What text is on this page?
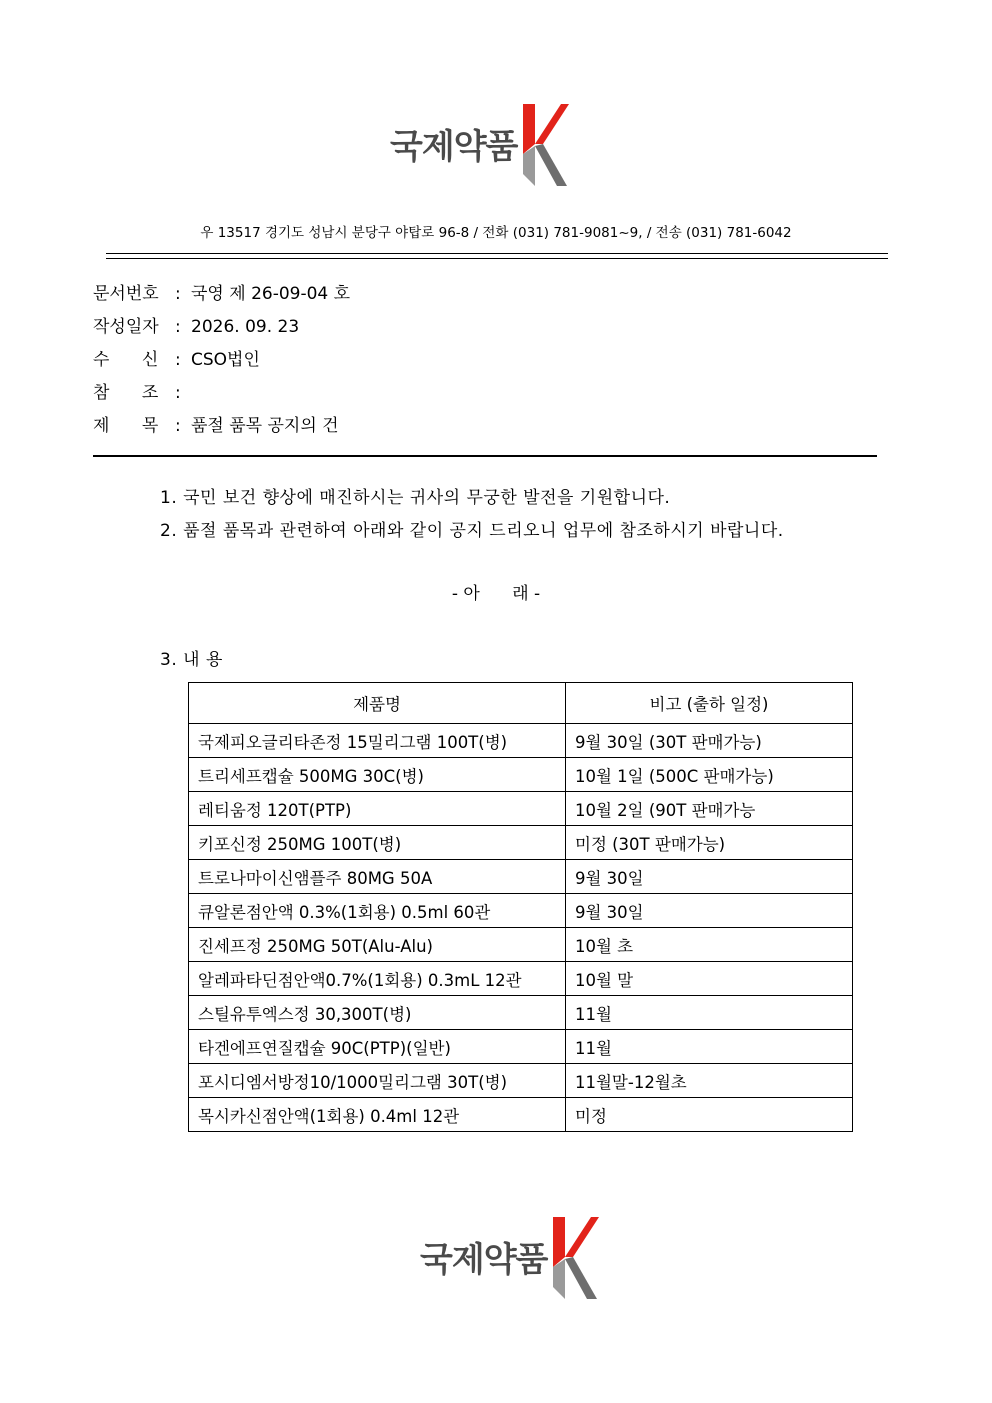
국제약품
우 13517 경기도 성남시 분당구 야탑로 96-8 / 전화 (031) 781-9081~9, / 전송 (031) 781-6042
문서번호 : 국영 제 26-09-04 호
작성일자 : 2026. 09. 23
수      신 : CSO법인
참      조 :
제      목 : 품절 품목 공지의 건
1. 국민 보건 향상에 매진하시는 귀사의 무궁한 발전을 기원합니다.
2. 품절 품목과 관련하여 아래와 같이 공지 드리오니 업무에 참조하시기 바랍니다.
- 아      래 -
3. 내 용
제품명	비고 (출하 일정)
국제피오글리타존정 15밀리그램 100T(병)	9월 30일 (30T 판매가능)
트리세프캡슐 500MG 30C(병)	10월 1일 (500C 판매가능)
레티움정 120T(PTP)	10월 2일 (90T 판매가능
키포신정 250MG 100T(병)	미정 (30T 판매가능)
트로나마이신앰플주 80MG 50A	9월 30일
큐알론점안액 0.3%(1회용) 0.5ml 60관	9월 30일
진세프정 250MG 50T(Alu-Alu)	10월 초
알레파타딘점안액0.7%(1회용) 0.3mL 12관	10월 말
스틸유투엑스정 30,300T(병)	11월
타겐에프연질캡슐 90C(PTP)(일반)	11월
포시디엠서방정10/1000밀리그램 30T(병)	11월말-12월초
목시카신점안액(1회용) 0.4ml 12관	미정
국제약품
